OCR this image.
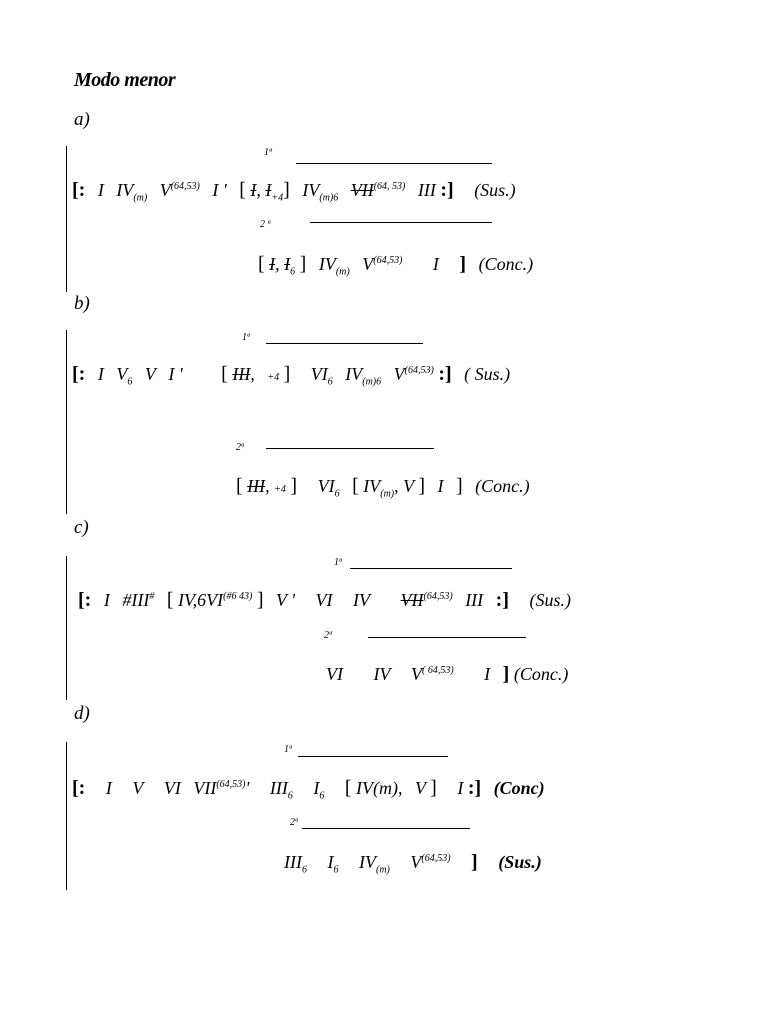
Modo menor
a)
1ª
[: I $IV_{(m)}$ V$^{(64,53)}$ I ' [ I, $I_{+4}$] $IV_{(m)6}$ VII$^{(64, 53)}$ III :] (Sus.)
2 ª
[ I, $I_6$ ] $IV_{(m)}$ V$^{(64,53)}$ I ] (Conc.)
b)
1ª
[: I $V_6$ V I ' [ III, +4 ] $VI_6$ $IV_{(m)6}$ V$^{(64,53)}$ :] ( Sus.)
2ª
[ III, +4 ] $VI_6$ [ $IV_{(m)}$, V ] I ] (Conc.)
c)
1ª
[: I #III# [ $IV,6VI^{(\#6 43)}$ ] V ' VI IV VII$^{(64,53)}$ III :] (Sus.)
2ª
VI IV $V^{( 64,53)}$ I ] (Conc.)
d)
1ª
[: I V VI VII$^{(64,53)}$' $III_6$ $I_6$ [ IV(m), V ] I :] (Conc)
2ª
$III_6$ $I_6$ $IV_{(m)}$ V$^{(64,53)}$ ] (Sus.)
